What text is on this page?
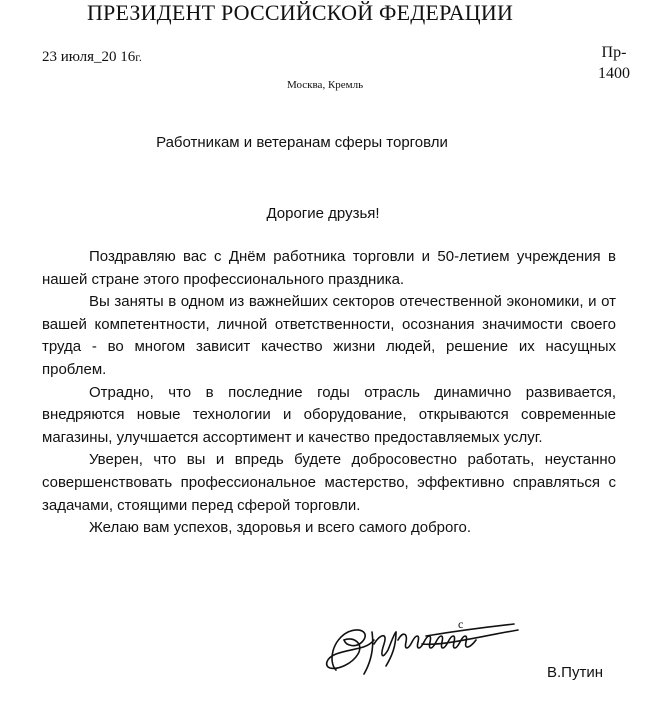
ПРЕЗИДЕНТ РОССИЙСКОЙ ФЕДЕРАЦИИ
23 июля_20 16г.	Пр-
1400
Москва, Кремль
Работникам и ветеранам сферы торговли
Дорогие друзья!

Поздравляю вас с Днём работника торговли и 50-летием учреждения в нашей стране этого профессионального праздника.

Вы заняты в одном из важнейших секторов отечественной экономики, и от вашей компетентности, личной ответственности, осознания значимости своего труда - во многом зависит качество жизни людей, решение их насущных проблем.

Отрадно, что в последние годы отрасль динамично развивается, внедряются новые технологии и оборудование, открываются современные магазины, улучшается ассортимент и качество предоставляемых услуг.

Уверен, что вы и впредь будете добросовестно работать, неустанно совершенствовать профессиональное мастерство, эффективно справляться с задачами, стоящими перед сферой торговли.

Желаю вам успехов, здоровья и всего самого доброго.

с
В.Путин
